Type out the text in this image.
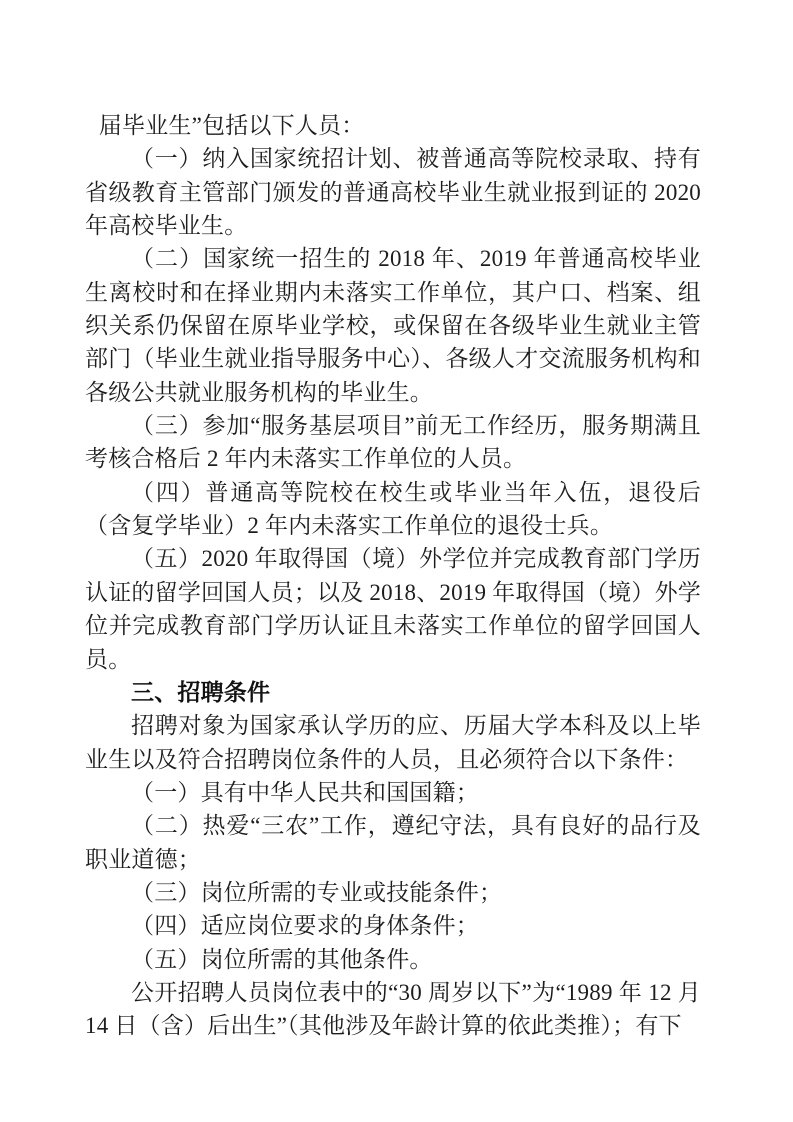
届毕业生”包括以下人员：

（一）纳入国家统招计划、被普通高等院校录取、持有省级教育主管部门颁发的普通高校毕业生就业报到证的 2020 年高校毕业生。

（二）国家统一招生的 2018 年、2019 年普通高校毕业生离校时和在择业期内未落实工作单位，其户口、档案、组织关系仍保留在原毕业学校，或保留在各级毕业生就业主管部门（毕业生就业指导服务中心）、各级人才交流服务机构和各级公共就业服务机构的毕业生。

（三）参加“服务基层项目”前无工作经历，服务期满且考核合格后 2 年内未落实工作单位的人员。

（四）普通高等院校在校生或毕业当年入伍，退役后（含复学毕业）2 年内未落实工作单位的退役士兵。

（五）2020 年取得国（境）外学位并完成教育部门学历认证的留学回国人员；以及 2018、2019 年取得国（境）外学位并完成教育部门学历认证且未落实工作单位的留学回国人员。

三、招聘条件

招聘对象为国家承认学历的应、历届大学本科及以上毕业生以及符合招聘岗位条件的人员，且必须符合以下条件：

（一）具有中华人民共和国国籍；

（二）热爱“三农”工作，遵纪守法，具有良好的品行及职业道德；

（三）岗位所需的专业或技能条件；

（四）适应岗位要求的身体条件；

（五）岗位所需的其他条件。

公开招聘人员岗位表中的“30 周岁以下”为“1989 年 12 月 14 日（含）后出生”（其他涉及年龄计算的依此类推）；有下
